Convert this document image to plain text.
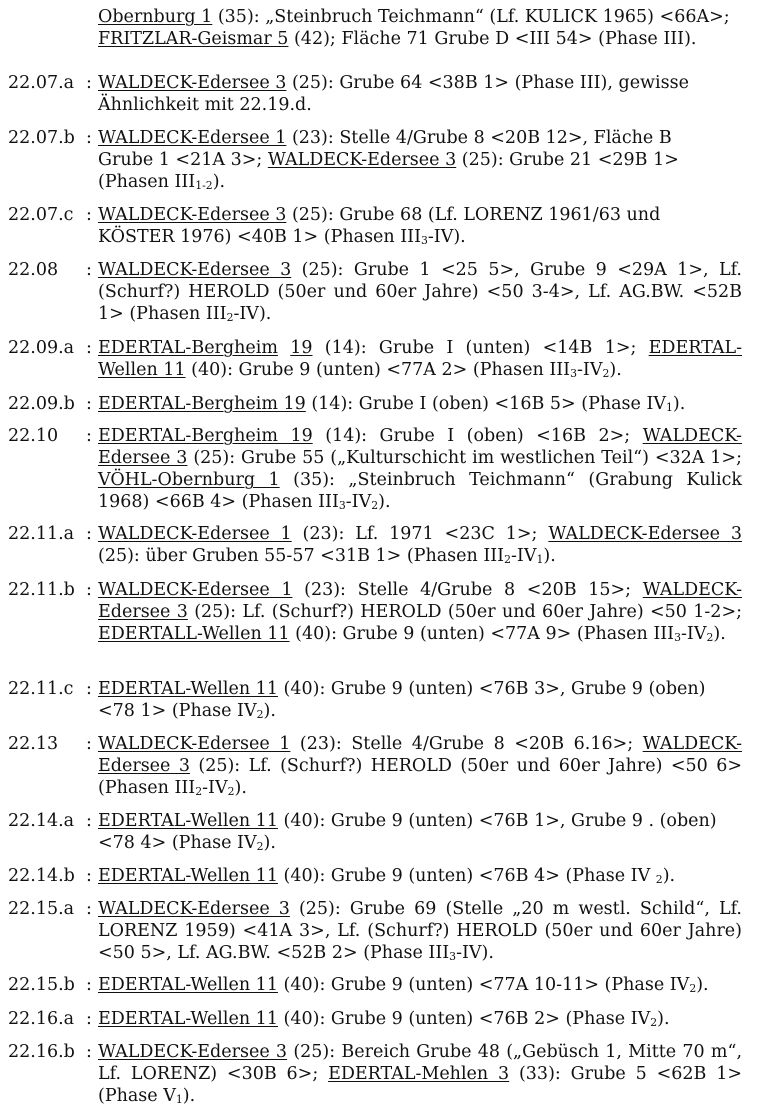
Obernburg 1 (35): „Steinbruch Teichmann“ (Lf. KULICK 1965) <66A>;
FRITZLAR-Geismar 5 (42); Fläche 71 Grube D <III 54> (Phase III).
22.07.a : WALDECK-Edersee 3 (25): Grube 64 <38B 1> (Phase III), gewisse Ähnlichkeit mit 22.19.d.
22.07.b : WALDECK-Edersee 1 (23): Stelle 4/Grube 8 <20B 12>, Fläche B
Grube 1 <21A 3>; WALDECK-Edersee 3 (25): Grube 21 <29B 1>
(Phasen $III_{1-2}$).
22.07.c : WALDECK-Edersee 3 (25): Grube 68 (Lf. LORENZ 1961/63 und KÖSTER 1976) <40B 1> (Phasen $III_3-IV$).
22.08	: WALDECK-Edersee 3 (25): Grube 1 <25 5>, Grube 9 <29A 1>, Lf. (Schurf?) HEROLD (50er und 60er Jahre) <50 3-4>, Lf. AG.BW. <52B 1> (Phasen $III_2-IV$).
22.09.a : EDERTAL-Bergheim 19 (14): Grube I (unten) <14B 1>; EDERTAL-Wellen 11 (40): Grube 9 (unten) <77A 2> (Phasen $III_3-IV_2$).
22.09.b : EDERTAL-Bergheim 19 (14): Grube I (oben) <16B 5> (Phase $IV_1$).
22.10	: EDERTAL-Bergheim 19 (14): Grube I (oben) <16B 2>; WALDECK-Edersee 3 (25): Grube 55 („Kulturschicht im westlichen Teil“) <32A 1>; VÖHL-Obernburg 1 (35): „Steinbruch Teichmann“ (Grabung Kulick 1968) <66B 4> (Phasen $III_3-IV_2$).
22.11.a : WALDECK-Edersee 1 (23): Lf. 1971 <23C 1>; WALDECK-Edersee 3 (25): über Gruben 55-57 <31B 1> (Phasen $III_2-IV_1$).
22.11.b : WALDECK-Edersee 1 (23): Stelle 4/Grube 8 <20B 15>; WALDECK-Edersee 3 (25): Lf. (Schurf?) HEROLD (50er und 60er Jahre) <50 1-2>; EDERTALL-Wellen 11 (40): Grube 9 (unten) <77A 9> (Phasen $III_3-IV_2$).
22.11.c : EDERTAL-Wellen 11 (40): Grube 9 (unten) <76B 3>, Grube 9 (oben)
<78 1> (Phase $IV_2$).
22.13	: WALDECK-Edersee 1 (23): Stelle 4/Grube 8 <20B 6.16>; WALDECK-Edersee 3 (25): Lf. (Schurf?) HEROLD (50er und 60er Jahre) <50 6> (Phasen $III_2-IV_2$).
22.14.a : EDERTAL-Wellen 11 (40): Grube 9 (unten) <76B 1>, Grube 9 . (oben)
<78 4> (Phase $IV_2$).
22.14.b : EDERTAL-Wellen 11 (40): Grube 9 (unten) <76B 4> (Phase IV $_2$).
22.15.a : WALDECK-Edersee 3 (25): Grube 69 (Stelle „20 m westl. Schild“, Lf. LORENZ 1959) <41A 3>, Lf. (Schurf?) HEROLD (50er und 60er Jahre) <50 5>, Lf. AG.BW. <52B 2> (Phase $III_3-IV$).
22.15.b : EDERTAL-Wellen 11 (40): Grube 9 (unten) <77A 10-11> (Phase $IV_2$).
22.16.a : EDERTAL-Wellen 11 (40): Grube 9 (unten) <76B 2> (Phase $IV_2$).
22.16.b : WALDECK-Edersee 3 (25): Bereich Grube 48 („Gebüsch 1, Mitte 70 m“, Lf. LORENZ) <30B 6>; EDERTAL-Mehlen 3 (33): Grube 5 <62B 1> (Phase $V_1$).
